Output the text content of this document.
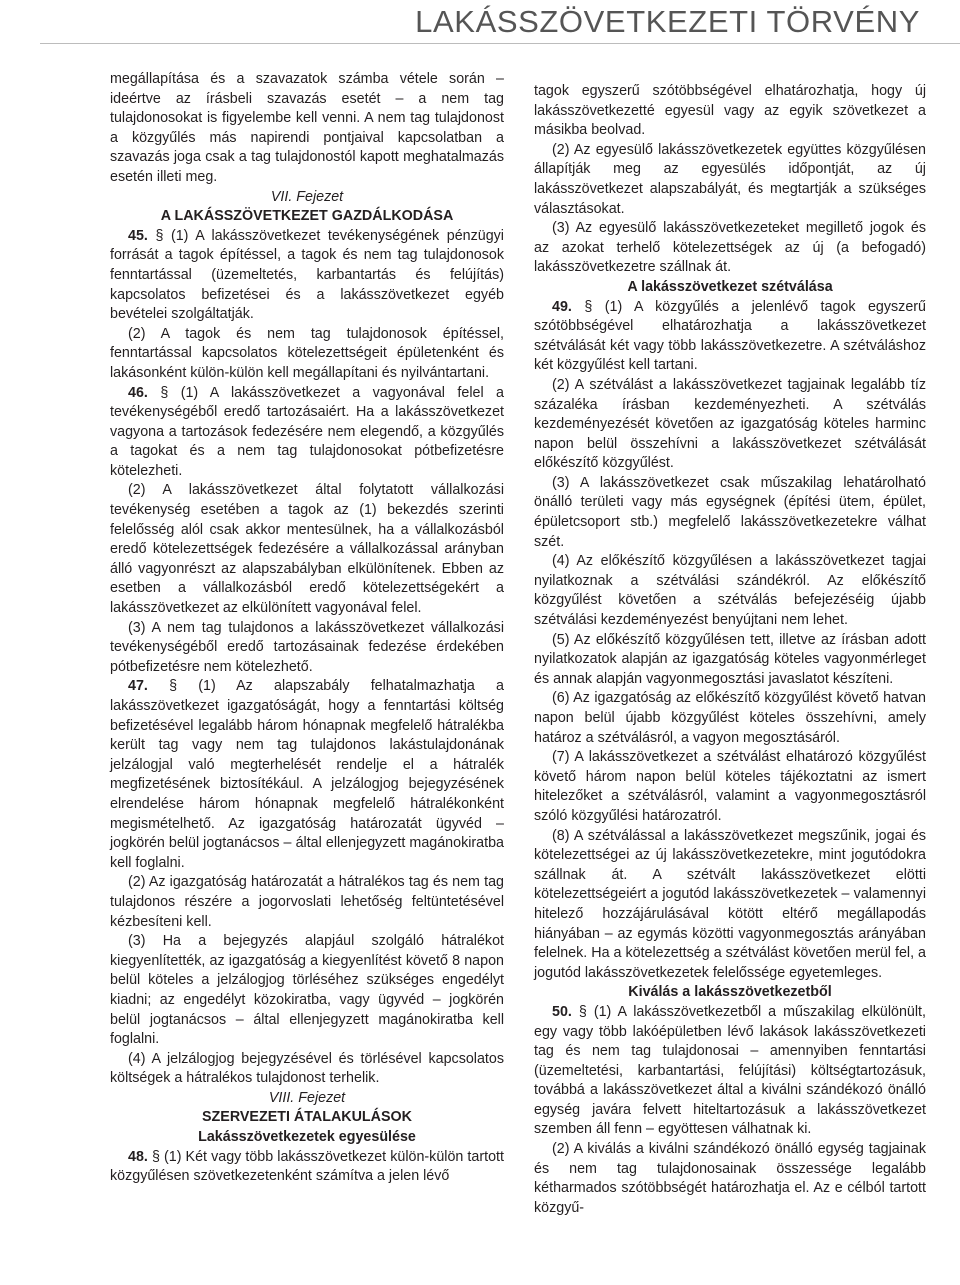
LAKÁSSZÖVETKEZETI TÖRVÉNY

megállapítása és a szavazatok számba vétele során – ideértve az írásbeli szavazás esetét – a nem tag tulajdonosokat is figyelembe kell venni. A nem tag tulajdonost a közgyűlés más napirendi pontjaival kapcsolatban a szavazás joga csak a tag tulajdonostól kapott meghatalmazás esetén illeti meg.

VII. Fejezet

A LAKÁSSZÖVETKEZET GAZDÁLKODÁSA

45. § (1) A lakásszövetkezet tevékenységének pénzügyi forrását a tagok építéssel, a tagok és nem tag tulajdonosok fenntartással (üzemeltetés, karbantartás és felújítás) kapcsolatos befizetései és a lakásszövetkezet egyéb bevételei szolgáltatják.

(2) A tagok és nem tag tulajdonosok építéssel, fenntartással kapcsolatos kötelezettségeit épületenként és lakásonként külön-külön kell megállapítani és nyilvántartani.

46. § (1) A lakásszövetkezet a vagyonával felel a tevékenységéből eredő tartozásaiért. Ha a lakásszövetkezet vagyona a tartozások fedezésére nem elegendő, a közgyűlés a tagokat és a nem tag tulajdonosokat pótbefizetésre kötelezheti.

(2) A lakásszövetkezet által folytatott vállalkozási tevékenység esetében a tagok az (1) bekezdés szerinti felelősség alól csak akkor mentesülnek, ha a vállalkozásból eredő kötelezettségek fedezésére a vállalkozással arányban álló vagyonrészt az alapszabályban elkülönítenek. Ebben az esetben a vállalkozásból eredő kötelezettségekért a lakásszövetkezet az elkülönített vagyonával felel.

(3) A nem tag tulajdonos a lakásszövetkezet vállalkozási tevékenységéből eredő tartozásainak fedezése érdekében pótbefizetésre nem kötelezhető.

47. § (1) Az alapszabály felhatalmazhatja a lakásszövetkezet igazgatóságát, hogy a fenntartási költség befizetésével legalább három hónapnak megfelelő hátralékba került tag vagy nem tag tulajdonos lakástulajdonának jelzálogjal való megterhelését rendelje el a hátralék megfizetésének biztosítékául. A jelzálogjog bejegyzésének elrendelése három hónapnak megfelelő hátralékonként megismételhető. Az igazgatóság határozatát ügyvéd – jogkörén belül jogtanácsos – által ellenjegyzett magánokiratba kell foglalni.

(2) Az igazgatóság határozatát a hátralékos tag és nem tag tulajdonos részére a jogorvoslati lehetőség feltüntetésével kézbesíteni kell.

(3) Ha a bejegyzés alapjául szolgáló hátralékot kiegyenlítették, az igazgatóság a kiegyenlítést követő 8 napon belül köteles a jelzálogjog törléséhez szükséges engedélyt kiadni; az engedélyt közokiratba, vagy ügyvéd – jogkörén belül jogtanácsos – által ellenjegyzett magánokiratba kell foglalni.

(4) A jelzálogjog bejegyzésével és törlésével kapcsolatos költségek a hátralékos tulajdonost terhelik.

VIII. Fejezet

SZERVEZETI ÁTALAKULÁSOK

Lakásszövetkezetek egyesülése

48. § (1) Két vagy több lakásszövetkezet külön-külön tartott közgyűlésen szövetkezetenként számítva a jelen lévő

tagok egyszerű szótöbbségével elhatározhatja, hogy új lakásszövetkezetté egyesül vagy az egyik szövetkezet a másikba beolvad.

(2) Az egyesülő lakásszövetkezetek együttes közgyűlésen állapítják meg az egyesülés időpontját, az új lakásszövetkezet alapszabályát, és megtartják a szükséges választásokat.

(3) Az egyesülő lakásszövetkezeteket megillető jogok és az azokat terhelő kötelezettségek az új (a befogadó) lakásszövetkezetre szállnak át.

A lakásszövetkezet szétválása

49. § (1) A közgyűlés a jelenlévő tagok egyszerű szótöbbségével elhatározhatja a lakásszövetkezet szétválását két vagy több lakásszövetkezetre. A szétváláshoz két közgyűlést kell tartani.

(2) A szétválást a lakásszövetkezet tagjainak legalább tíz százaléka írásban kezdeményezheti. A szétválás kezdeményezését követően az igazgatóság köteles harminc napon belül összehívni a lakásszövetkezet szétválását előkészítő közgyűlést.

(3) A lakásszövetkezet csak műszakilag lehatárolható önálló területi vagy más egységnek (építési ütem, épület, épületcsoport stb.) megfelelő lakásszövetkezetekre válhat szét.

(4) Az előkészítő közgyűlésen a lakásszövetkezet tagjai nyilatkoznak a szétválási szándékról. Az előkészítő közgyűlést követően a szétválás befejezéséig újabb szétválási kezdeményezést benyújtani nem lehet.

(5) Az előkészítő közgyűlésen tett, illetve az írásban adott nyilatkozatok alapján az igazgatóság köteles vagyonmérleget és annak alapján vagyonmegosztási javaslatot készíteni.

(6) Az igazgatóság az előkészítő közgyűlést követő hatvan napon belül újabb közgyűlést köteles összehívni, amely határoz a szétválásról, a vagyon megosztásáról.

(7) A lakásszövetkezet a szétválást elhatározó közgyűlést követő három napon belül köteles tájékoztatni az ismert hitelezőket a szétválásról, valamint a vagyonmegosztásról szóló közgyűlési határozatról.

(8) A szétválással a lakásszövetkezet megszűnik, jogai és kötelezettségei az új lakásszövetkezetekre, mint jogutódokra szállnak át. A szétvált lakásszövetkezet elötti kötelezettségeiért a jogutód lakásszövetkezetek – valamennyi hitelező hozzájárulásával kötött eltérő megállapodás hiányában – az egymás közötti vagyonmegosztás arányában felelnek. Ha a kötelezettség a szétválást követően merül fel, a jogutód lakásszövetkezetek felelőssége egyetemleges.

Kiválás a lakásszövetkezetből

50. § (1) A lakásszövetkezetből a műszakilag elkülönült, egy vagy több lakóépületben lévő lakások lakásszövetkezeti tag és nem tag tulajdonosai – amennyiben fenntartási (üzemeltetési, karbantartási, felújítási) költségtartozásuk, továbbá a lakásszövetkezet által a kiválni szándékozó önálló egység javára felvett hiteltartozásuk a lakásszövetkezet szemben áll fenn – egyöttesen válhatnak ki.

(2) A kiválás a kiválni szándékozó önálló egység tagjainak és nem tag tulajdonosainak összessége legalább kétharmados szótöbbségét határozhatja el. Az e célból tartott közgyű-
